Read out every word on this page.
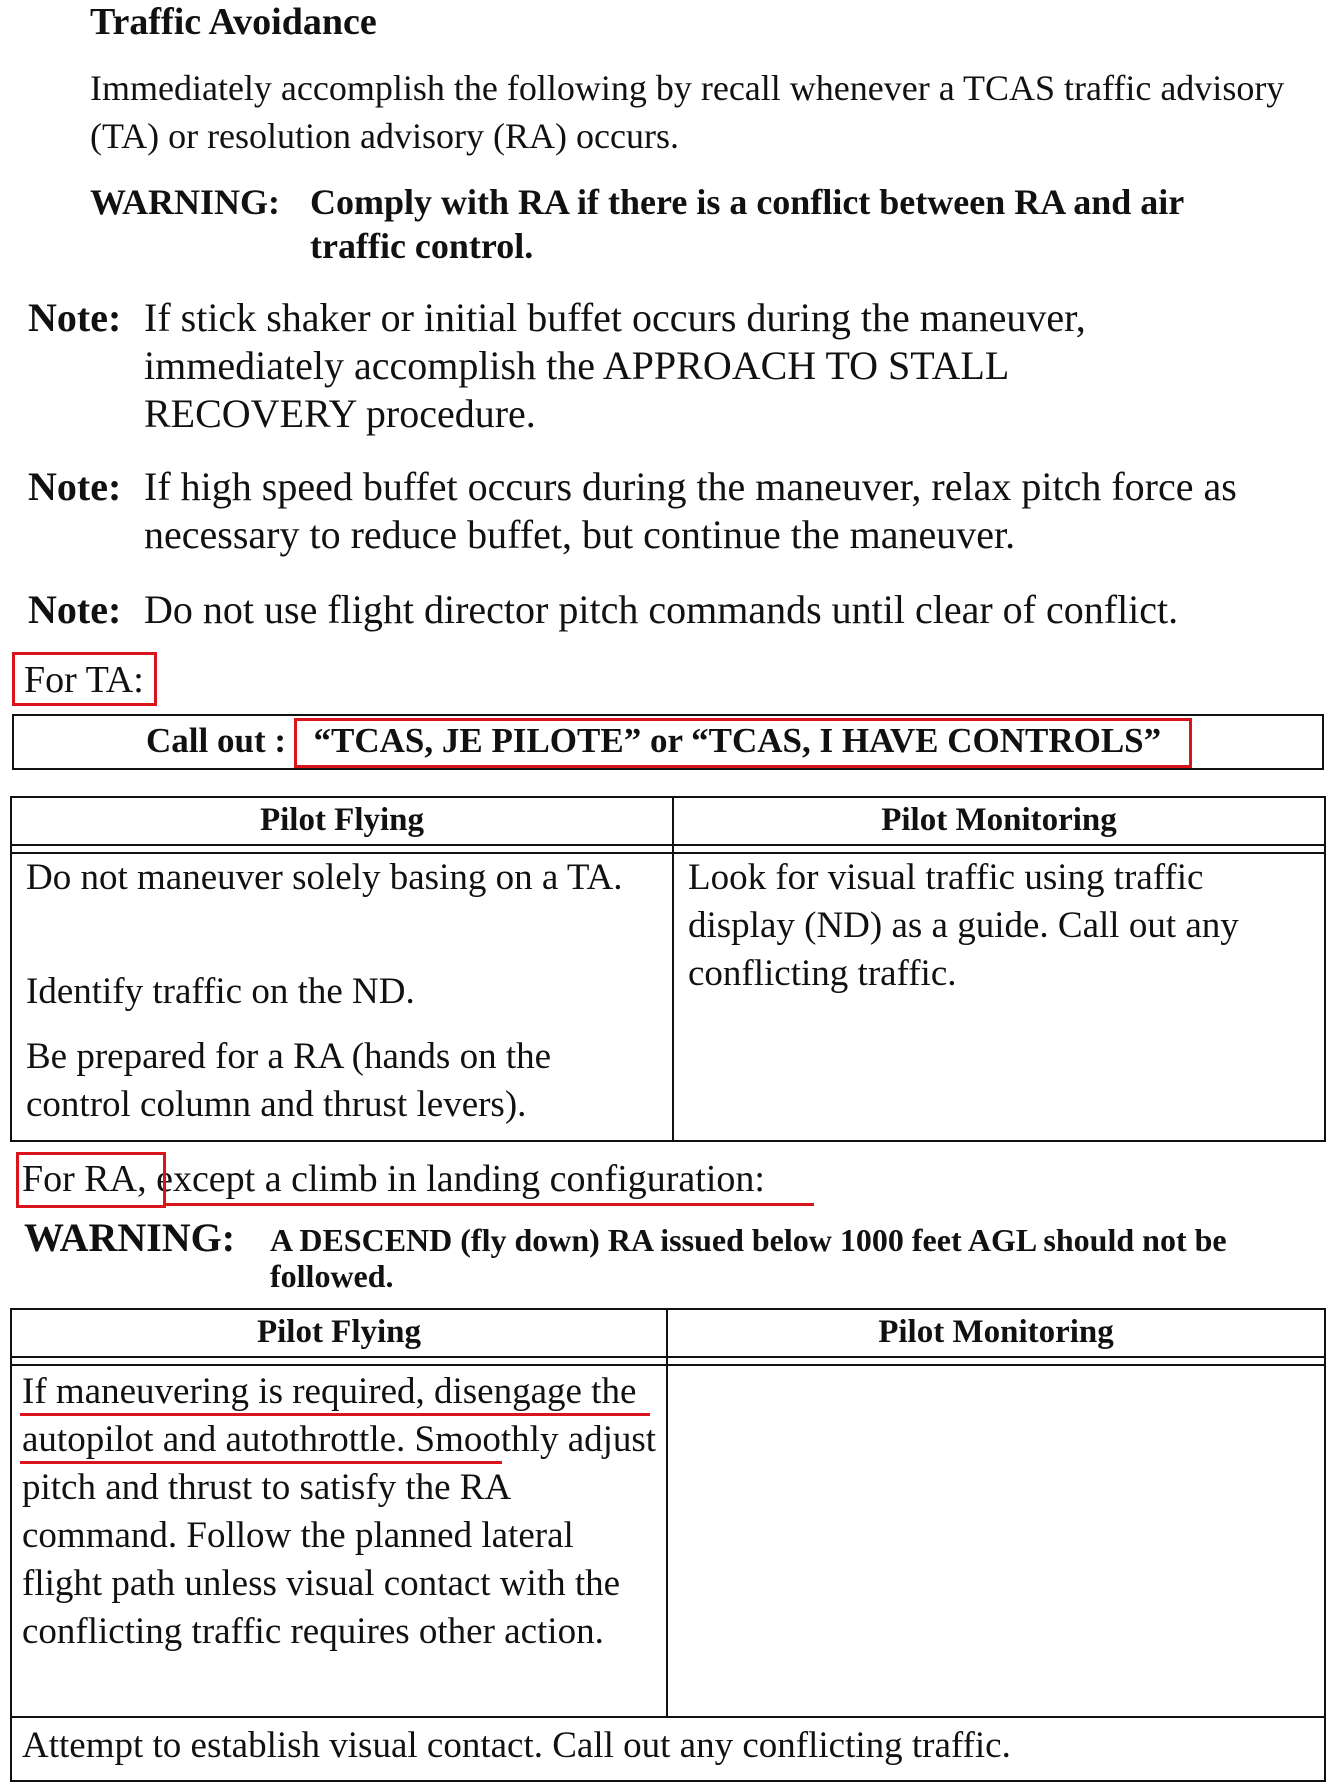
Traffic Avoidance
Immediately accomplish the following by recall whenever a TCAS traffic advisory (TA) or resolution advisory (RA) occurs.
WARNING: Comply with RA if there is a conflict between RA and air traffic control.
Note: If stick shaker or initial buffet occurs during the maneuver, immediately accomplish the APPROACH TO STALL RECOVERY procedure.
Note: If high speed buffet occurs during the maneuver, relax pitch force as necessary to reduce buffet, but continue the maneuver.
Note: Do not use flight director pitch commands until clear of conflict.
For TA:
Call out : “TCAS, JE PILOTE” or “TCAS, I HAVE CONTROLS”
Pilot Flying	Pilot Monitoring
Do not maneuver solely basing on a TA.
Identify traffic on the ND.
Be prepared for a RA (hands on the control column and thrust levers).
Look for visual traffic using traffic display (ND) as a guide. Call out any conflicting traffic.
For RA, except a climb in landing configuration:
WARNING: A DESCEND (fly down) RA issued below 1000 feet AGL should not be followed.
Pilot Flying	Pilot Monitoring
If maneuvering is required, disengage the autopilot and autothrottle. Smoothly adjust pitch and thrust to satisfy the RA command. Follow the planned lateral flight path unless visual contact with the conflicting traffic requires other action.
Attempt to establish visual contact. Call out any conflicting traffic.
